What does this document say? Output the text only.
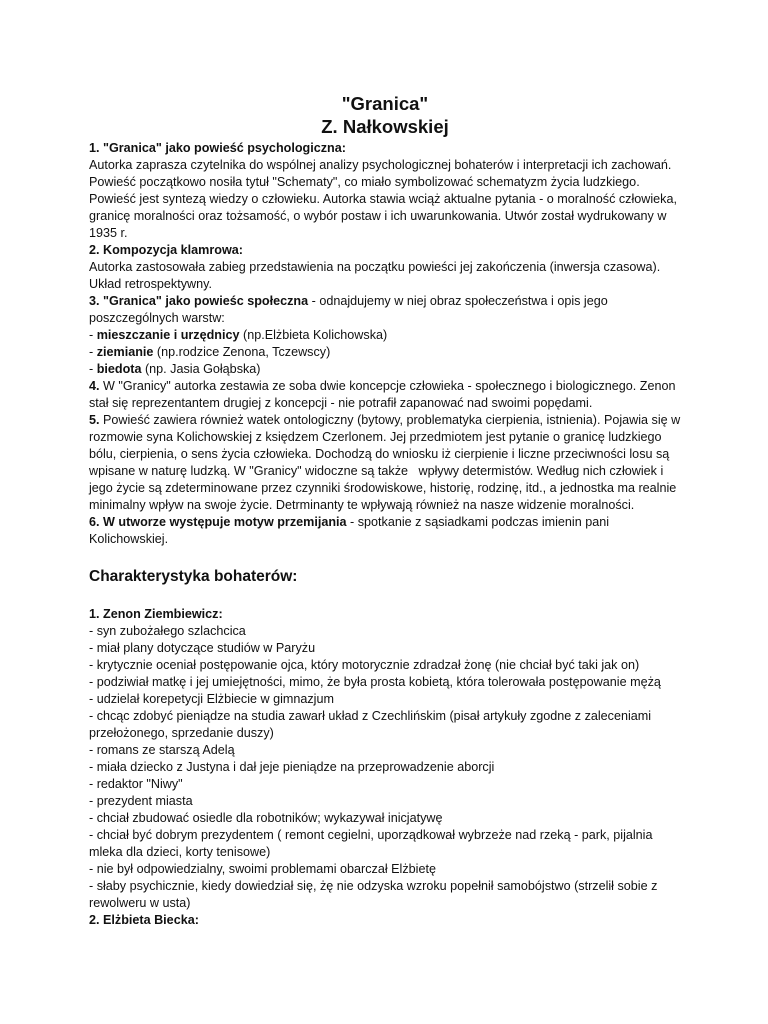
"Granica"
Z. Nałkowskiej
1. "Granica" jako powieść psychologiczna:
Autorka zaprasza czytelnika do wspólnej analizy psychologicznej bohaterów i interpretacji ich zachowań.
Powieść początkowo nosiła tytuł "Schematy", co miało symbolizować schematyzm życia ludzkiego.
Powieść jest syntezą wiedzy o człowieku. Autorka stawia wciąż aktualne pytania - o moralność człowieka,
granicę moralności oraz tożsamość, o wybór postaw i ich uwarunkowania. Utwór został wydrukowany w
1935 r.
2. Kompozycja klamrowa:
Autorka zastosowała zabieg przedstawienia na początku powieści jej zakończenia (inwersja czasowa).
Układ retrospektywny.
3. "Granica" jako powieśc społeczna - odnajdujemy w niej obraz społeczeństwa i opis jego
poszczególnych warstw:
- mieszczanie i urzędnicy (np.Elżbieta Kolichowska)
- ziemianie (np.rodzice Zenona, Tczewscy)
- biedota (np. Jasia Gołąbska)
4. W "Granicy" autorka zestawia ze soba dwie koncepcje człowieka - społecznego i biologicznego. Zenon
stał się reprezentantem drugiej z koncepcji - nie potrafił zapanować nad swoimi popędami.
5. Powieść zawiera również watek ontologiczny (bytowy, problematyka cierpienia, istnienia). Pojawia się w
rozmowie syna Kolichowskiej z księdzem Czerlonem. Jej przedmiotem jest pytanie o granicę ludzkiego
bólu, cierpienia, o sens życia człowieka. Dochodzą do wniosku iż cierpienie i liczne przeciwności losu są
wpisane w naturę ludzką. W "Granicy" widoczne są także   wpływy determistów. Według nich człowiek i
jego życie są zdeterminowane przez czynniki środowiskowe, historię, rodzinę, itd., a jednostka ma realnie
minimalny wpływ na swoje życie. Detrminanty te wpływają również na nasze widzenie moralności.
6. W utworze występuje motyw przemijania - spotkanie z sąsiadkami podczas imienin pani
Kolichowskiej.
Charakterystyka bohaterów:
1. Zenon Ziembiewicz:
- syn zubożałego szlachcica
- miał plany dotyczące studiów w Paryżu
- krytycznie oceniał postępowanie ojca, który motorycznie zdradzał żonę (nie chciał być taki jak on)
- podziwiał matkę i jej umiejętności, mimo, że była prosta kobietą, która tolerowała postępowanie mężą
- udzielał korepetycji Elżbiecie w gimnazjum
- chcąc zdobyć pieniądze na studia zawarł układ z Czechlińskim (pisał artykuły zgodne z zaleceniami
przełożonego, sprzedanie duszy)
- romans ze starszą Adelą
- miała dziecko z Justyna i dał jeje pieniądze na przeprowadzenie aborcji
- redaktor "Niwy"
- prezydent miasta
- chciał zbudować osiedle dla robotników; wykazywał inicjatywę
- chciał być dobrym prezydentem ( remont cegielni, uporządkował wybrzeże nad rzeką - park, pijalnia
mleka dla dzieci, korty tenisowe)
- nie był odpowiedzialny, swoimi problemami obarczał Elżbietę
- słaby psychicznie, kiedy dowiedział się, żę nie odzyska wzroku popełnił samobójstwo (strzelił sobie z
rewolweru w usta)
2. Elżbieta Biecka:
